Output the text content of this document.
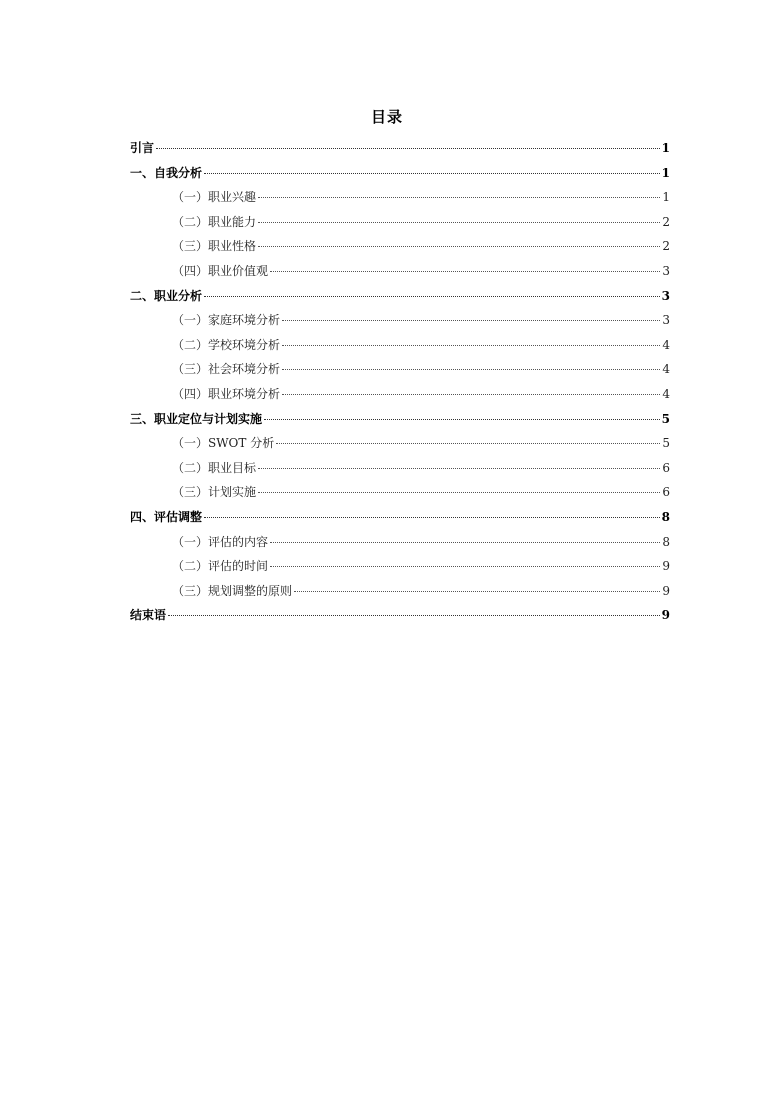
目录
引言	1
一、自我分析	1
（一）职业兴趣	1
（二）职业能力	2
（三）职业性格	2
（四）职业价值观	3
二、职业分析	3
（一）家庭环境分析	3
（二）学校环境分析	4
（三）社会环境分析	4
（四）职业环境分析	4
三、职业定位与计划实施	5
（一）SWOT 分析	5
（二）职业目标	6
（三）计划实施	6
四、评估调整	8
（一）评估的内容	8
（二）评估的时间	9
（三）规划调整的原则	9
结束语	9
